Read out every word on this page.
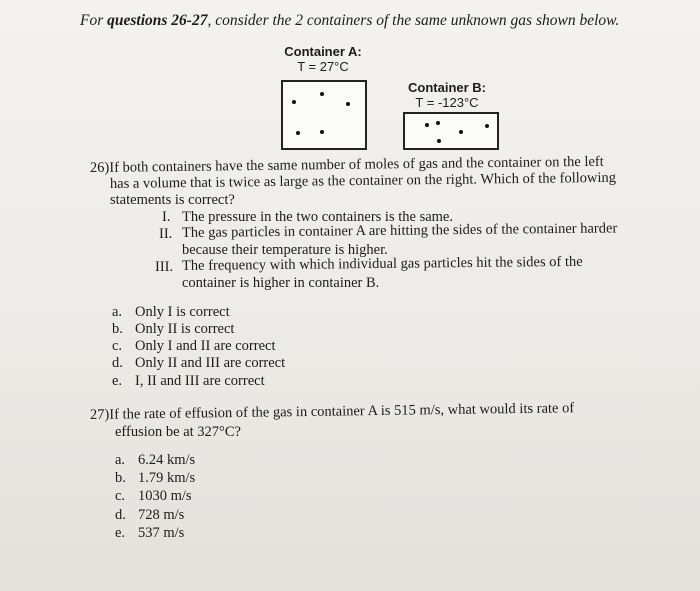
For questions 26-27, consider the 2 containers of the same unknown gas shown below.
Container A:
T = 27°C
Container B:
T = -123°C
26)If both containers have the same number of moles of gas and the container on the left
has a volume that is twice as large as the container on the right. Which of the following
statements is correct?
I. The pressure in the two containers is the same.
II. The gas particles in container A are hitting the sides of the container harder
because their temperature is higher.
III. The frequency with which individual gas particles hit the sides of the
container is higher in container B.
a. Only I is correct
b. Only II is correct
c. Only I and II are correct
d. Only II and III are correct
e. I, II and III are correct
27)If the rate of effusion of the gas in container A is 515 m/s, what would its rate of
effusion be at 327°C?
a. 6.24 km/s
b. 1.79 km/s
c. 1030 m/s
d. 728 m/s
e. 537 m/s
